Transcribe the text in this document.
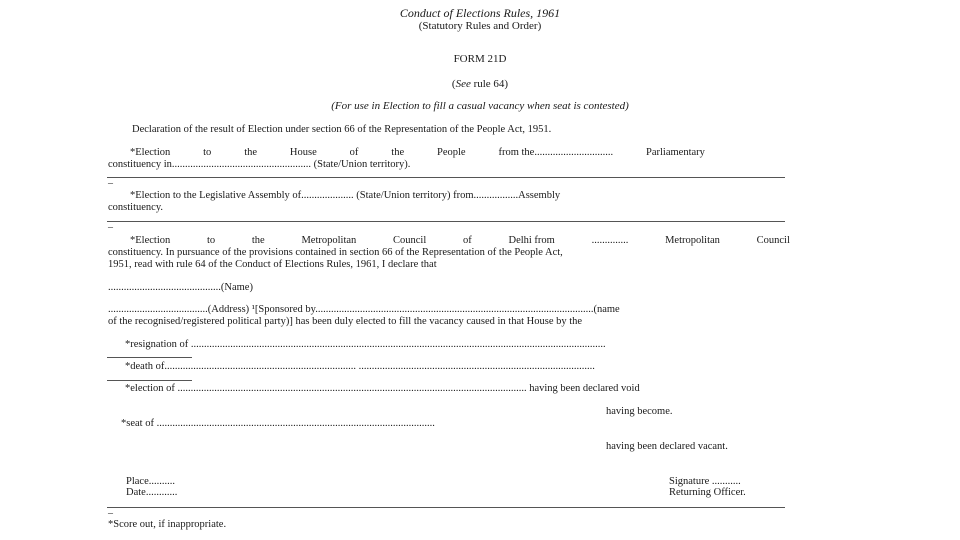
Conduct of Elections Rules, 1961
(Statutory Rules and Order)
FORM 21D
(See rule 64)
(For use in Election to fill a casual vacancy when seat is contested)
Declaration of the result of Election under section 66 of the Representation of the People Act, 1951.
*Election	to	the	House	of	the	People	from the..............................	Parliamentary
constituency in..................................................... (State/Union territory).
–
*Election to the Legislative Assembly of.................... (State/Union territory) from.................Assembly
constituency.
–
*Election	to	the	Metropolitan	Council	of	Delhi from	..............	Metropolitan	Council
constituency. In pursuance of the provisions contained in section 66 of the Representation of the People Act,
1951, read with rule 64 of the Conduct of Elections Rules, 1961, I declare that
...........................................(Name)
......................................(Address) ¹[Sponsored by..........................................................................................................(name
of the recognised/registered political party)] has been duly elected to fill the vacancy caused in that House by the
*resignation of ..............................................................................................................................................................
*death of......................................................................... ..........................................................................................
*election of ..................................................................................................................................... having been declared void
having become.
*seat of ..........................................................................................................
having been declared vacant.
Place..........
Date............
Signature ...........
Returning Officer.
–
*Score out, if inappropriate.
